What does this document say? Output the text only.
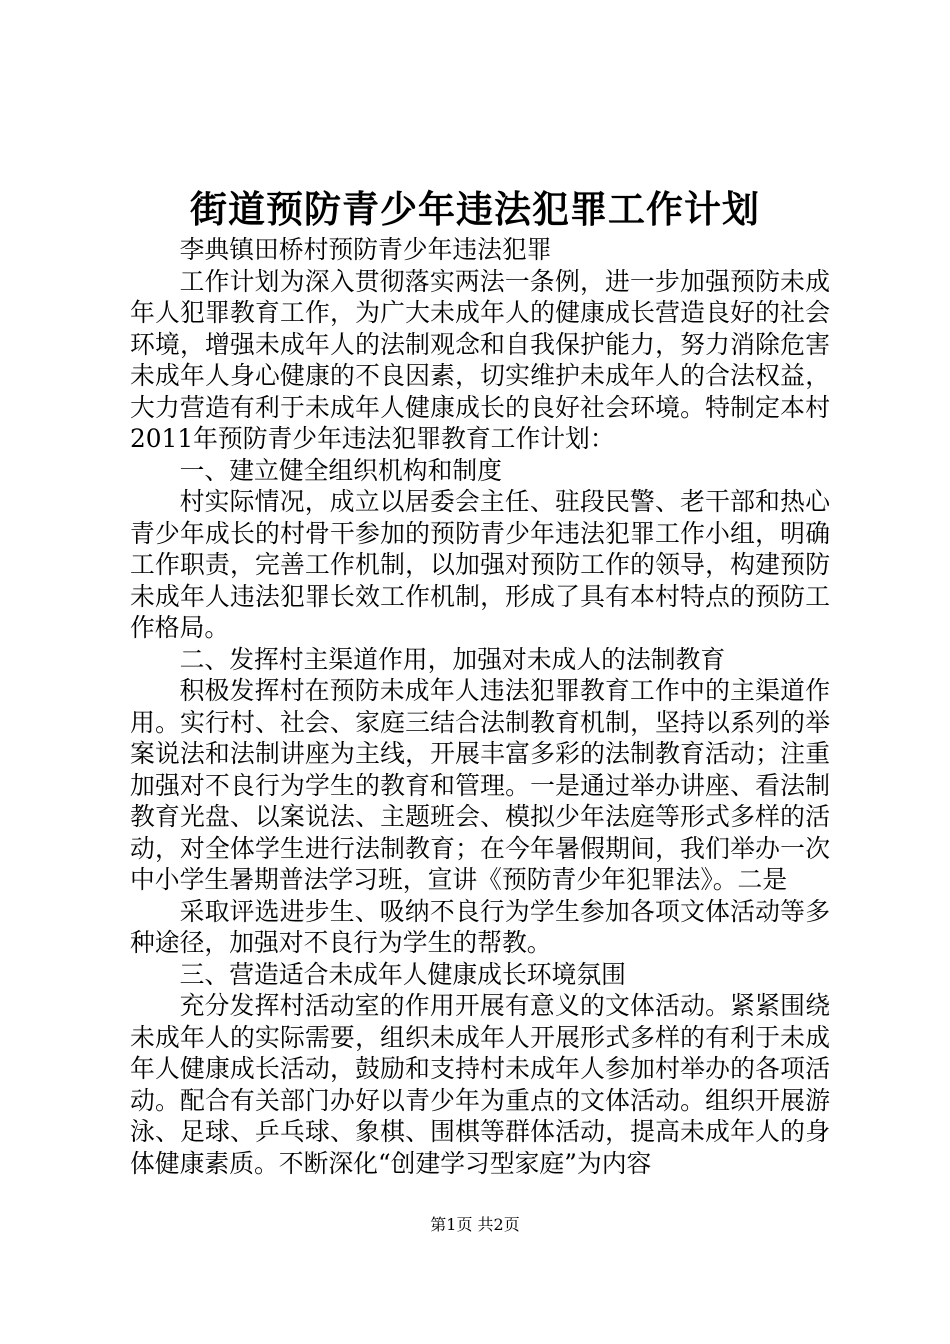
街道预防青少年违法犯罪工作计划

李典镇田桥村预防青少年违法犯罪

工作计划为深入贯彻落实两法一条例，进一步加强预防未成年人犯罪教育工作，为广大未成年人的健康成长营造良好的社会环境，增强未成年人的法制观念和自我保护能力，努力消除危害未成年人身心健康的不良因素，切实维护未成年人的合法权益，大力营造有利于未成年人健康成长的良好社会环境。特制定本村2011年预防青少年违法犯罪教育工作计划：

一、建立健全组织机构和制度

村实际情况，成立以居委会主任、驻段民警、老干部和热心青少年成长的村骨干参加的预防青少年违法犯罪工作小组，明确工作职责，完善工作机制，以加强对预防工作的领导，构建预防未成年人违法犯罪长效工作机制，形成了具有本村特点的预防工作格局。

二、发挥村主渠道作用，加强对未成人的法制教育

积极发挥村在预防未成年人违法犯罪教育工作中的主渠道作用。实行村、社会、家庭三结合法制教育机制，坚持以系列的举案说法和法制讲座为主线，开展丰富多彩的法制教育活动；注重加强对不良行为学生的教育和管理。一是通过举办讲座、看法制教育光盘、以案说法、主题班会、模拟少年法庭等形式多样的活动，对全体学生进行法制教育；在今年暑假期间，我们举办一次中小学生暑期普法学习班，宣讲《预防青少年犯罪法》。二是

采取评选进步生、吸纳不良行为学生参加各项文体活动等多种途径，加强对不良行为学生的帮教。

三、营造适合未成年人健康成长环境氛围

充分发挥村活动室的作用开展有意义的文体活动。紧紧围绕未成年人的实际需要，组织未成年人开展形式多样的有利于未成年人健康成长活动，鼓励和支持村未成年人参加村举办的各项活动。配合有关部门办好以青少年为重点的文体活动。组织开展游泳、足球、乒乓球、象棋、围棋等群体活动，提高未成年人的身体健康素质。不断深化“创建学习型家庭”为内容

第1页 共2页
